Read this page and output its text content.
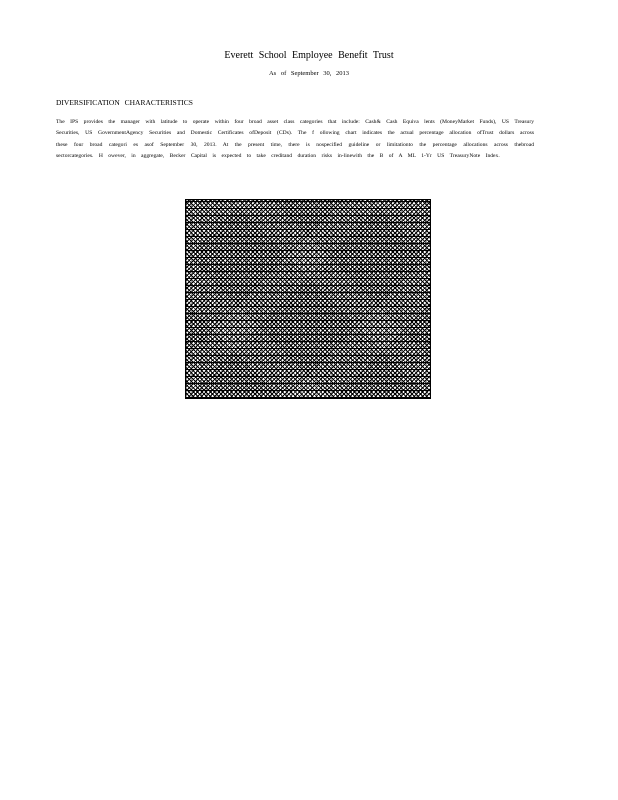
Everett School Employee Benefit Trust
As of September 30, 2013
DIVERSIFICATION CHARACTERISTICS
The IPS provides the manager with latitude to operate within four broad asset class categories that include: Cash& Cash Equiva lents (MoneyMarket Funds), US Treasury Securities, US GovernmentAgency Securities and Domestic Certificates ofDeposit (CDs). The f ollowing chart indicates the actual percentage allocation ofTrust dollars across these four broad categori es asof September 30, 2013. At the present time, there is nospecified guideline or limitationto the percentage allocations across thebroad sectorcategories. H owever, in aggregate, Becker Capital is expected to take creditand duration risks in-linewith the B of A ML 1-Yr US TreasuryNote Index.
